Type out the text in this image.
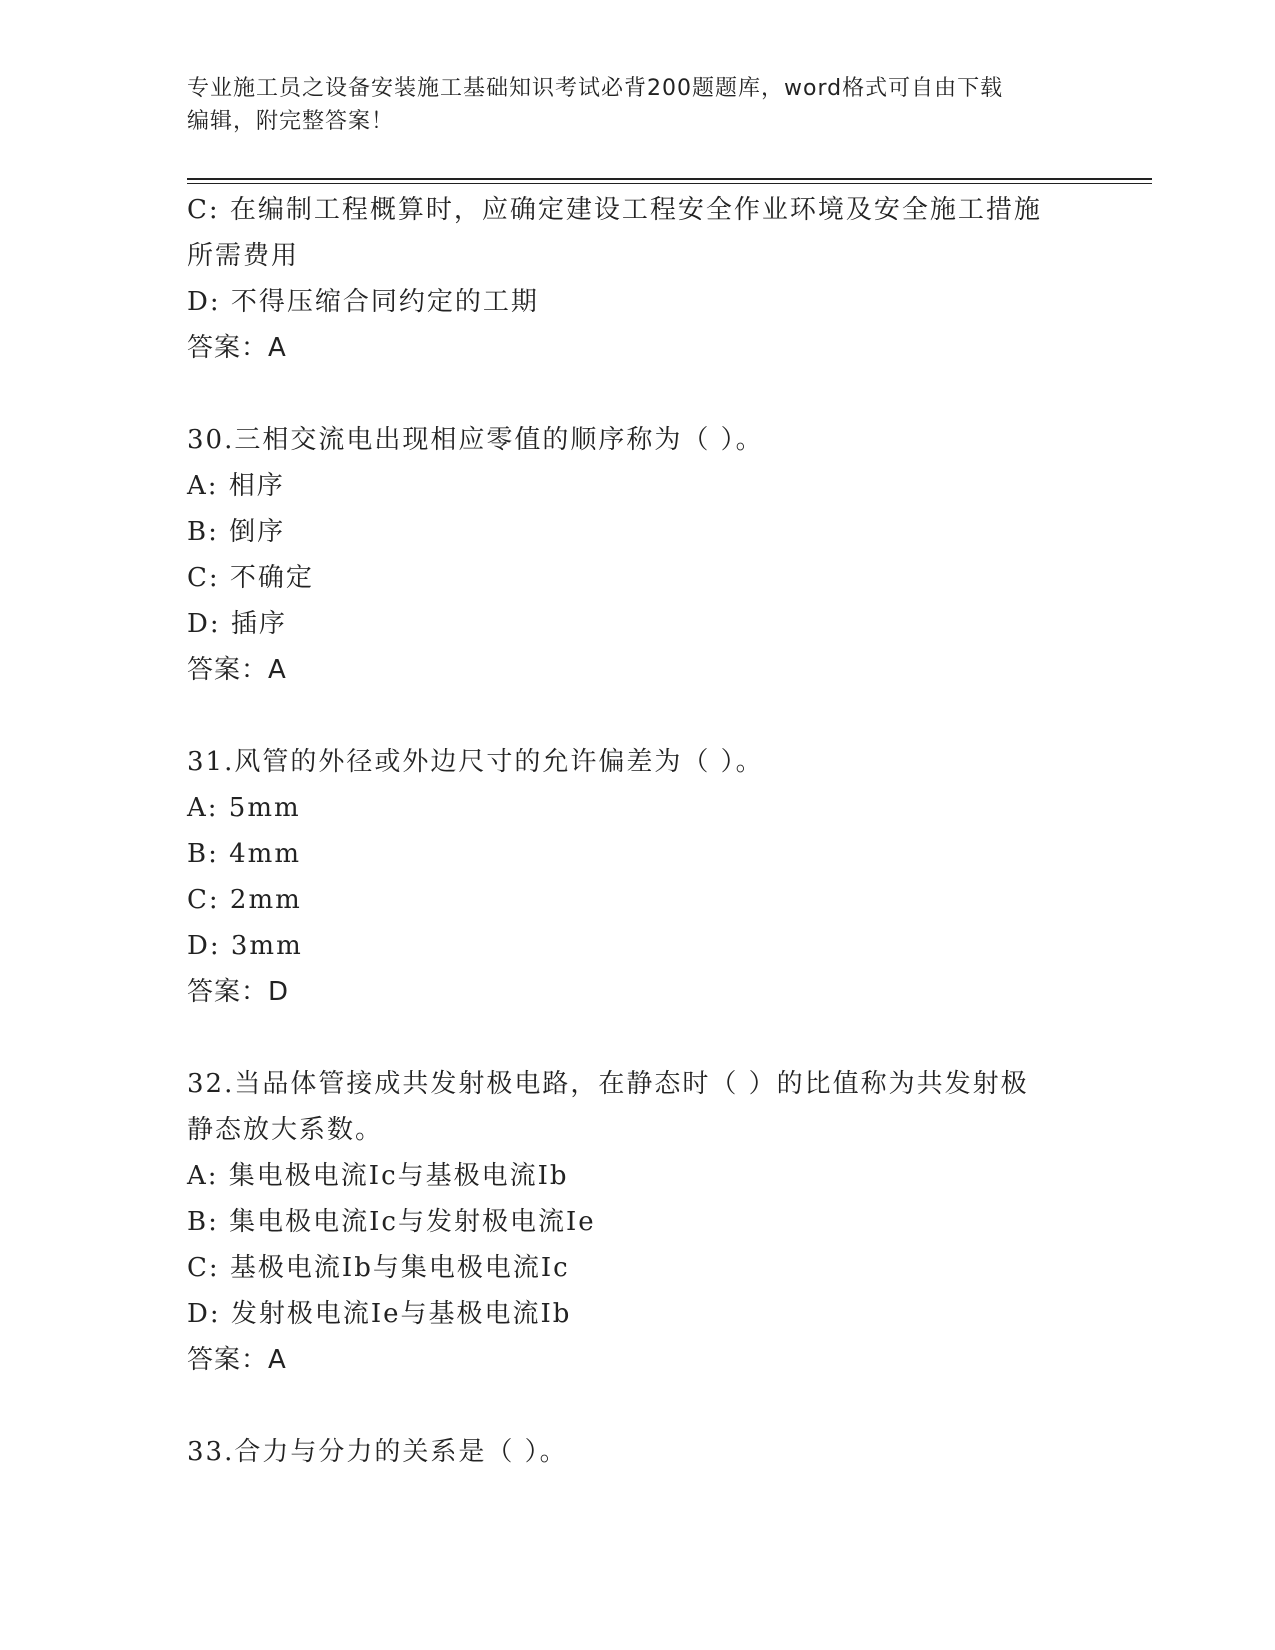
专业施工员之设备安装施工基础知识考试必背200题题库，word格式可自由下载
编辑，附完整答案！
C: 在编制工程概算时，应确定建设工程安全作业环境及安全施工措施
所需费用
D: 不得压缩合同约定的工期
答案：A
30.三相交流电出现相应零值的顺序称为（ ）。
A: 相序
B: 倒序
C: 不确定
D: 插序
答案：A
31.风管的外径或外边尺寸的允许偏差为（ ）。
A: 5mm
B: 4mm
C: 2mm
D: 3mm
答案：D
32.当品体管接成共发射极电路，在静态时（ ）的比值称为共发射极
静态放大系数。
A: 集电极电流Ic与基极电流Ib
B: 集电极电流Ic与发射极电流Ie
C: 基极电流Ib与集电极电流Ic
D: 发射极电流Ie与基极电流Ib
答案：A
33.合力与分力的关系是（ ）。
